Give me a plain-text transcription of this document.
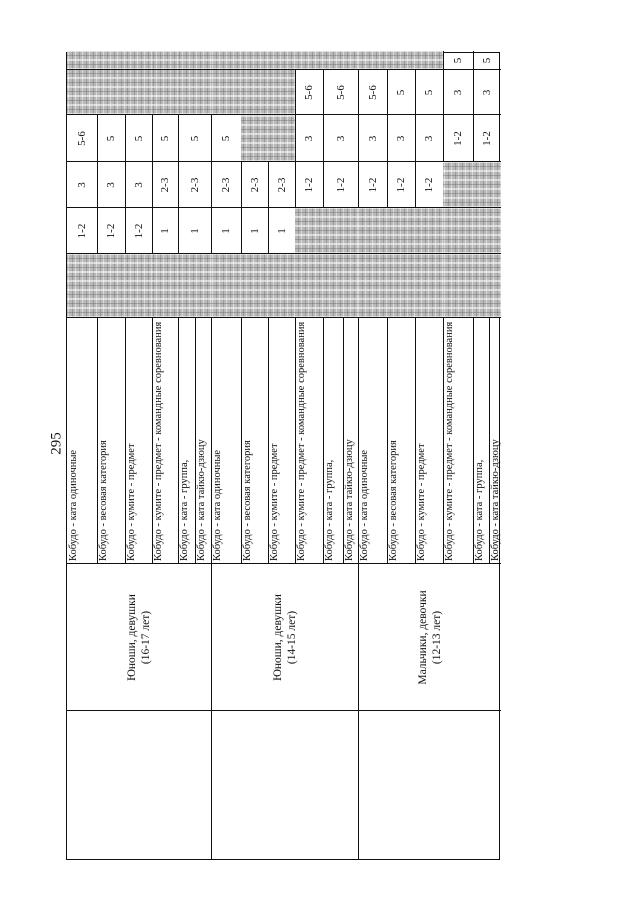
295
Юноши, девушки (16-17 лет)
Кобудо - ката одиночные
1-2
3
5-6
Кобудо - весовая категория
1-2
3
5
Кобудо - кумите - предмет
1-2
3
5
Кобудо - кумите - предмет - командные соревнования
1
2-3
5
Кобудо - ката - группа,
1
2-3
5
Кобудо - ката тайкю-дзюцу
Юноши, девушки (14-15 лет)
Кобудо - ката одиночные
1
2-3
5
Кобудо - весовая категория
1
2-3
Кобудо - кумите - предмет
1
2-3
Кобудо - кумите - предмет - командные соревнования
1-2
3
5-6
Кобудо - ката - группа,
1-2
3
5-6
Кобудо - ката тайкю-дзюцу
Мальчики, девочки (12-13 лет)
Кобудо - ката одиночные
1-2
3
5-6
Кобудо - весовая категория
1-2
3
5
Кобудо - кумите - предмет
1-2
3
5
Кобудо - кумите - предмет - командные соревнования
1-2
3
5
Кобудо - ката - группа,
1-2
3
5
Кобудо - ката тайкю-дзюцу
